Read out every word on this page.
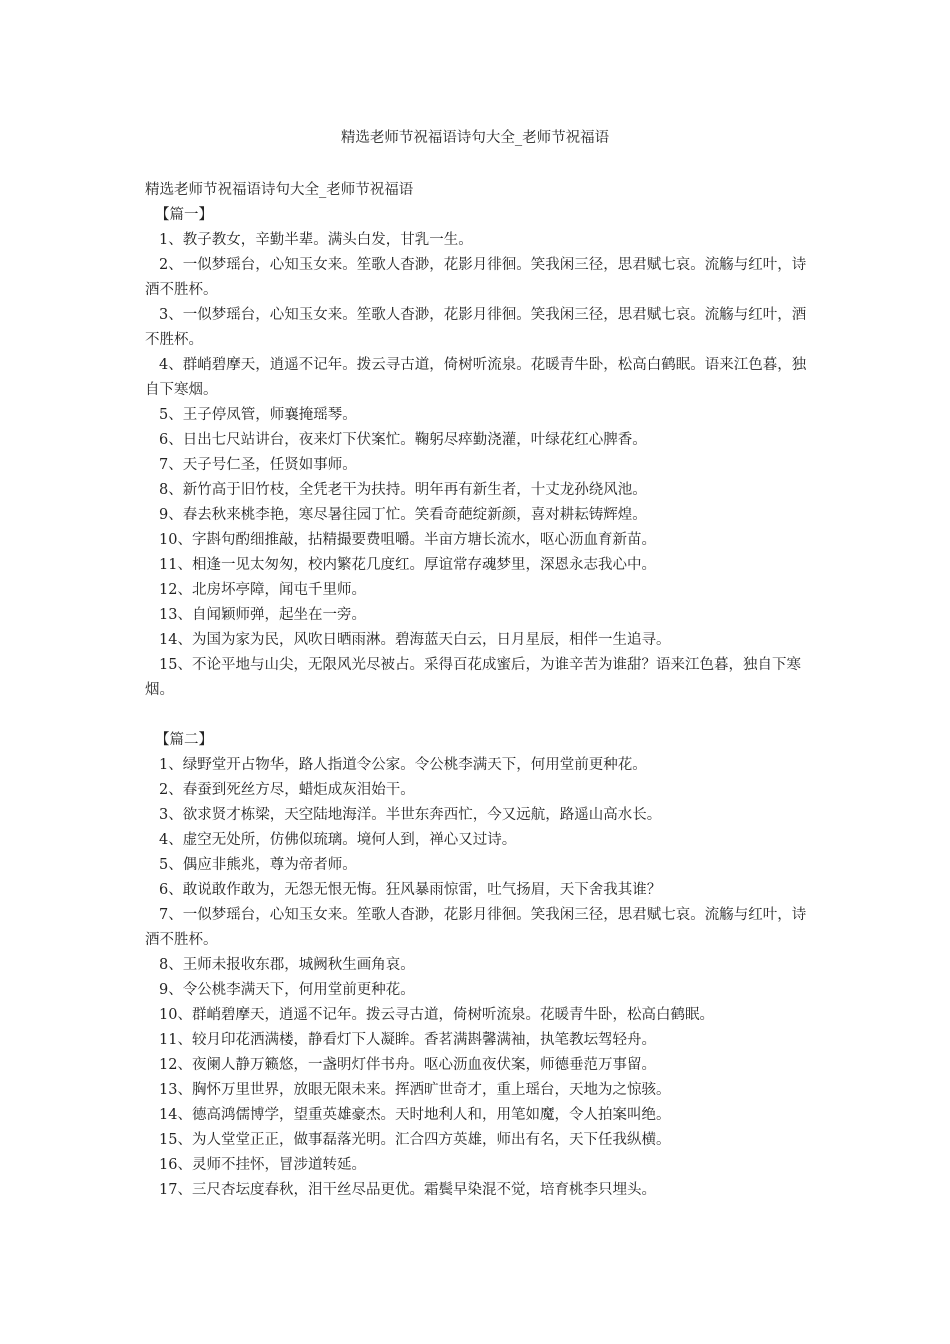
精选老师节祝福语诗句大全_老师节祝福语

精选老师节祝福语诗句大全_老师节祝福语

【篇一】

1、教子教女，辛勤半辈。满头白发，甘乳一生。

2、一似梦瑶台，心知玉女来。笙歌人杳渺，花影月徘徊。笑我闲三径，思君赋七哀。流觞与红叶，诗酒不胜杯。

3、一似梦瑶台，心知玉女来。笙歌人杳渺，花影月徘徊。笑我闲三径，思君赋七哀。流觞与红叶，酒不胜杯。

4、群峭碧摩天，逍遥不记年。拨云寻古道，倚树听流泉。花暖青牛卧，松高白鹤眠。语来江色暮，独自下寒烟。

5、王子停凤管，师襄掩瑶琴。

6、日出七尺站讲台，夜来灯下伏案忙。鞠躬尽瘁勤浇灌，叶绿花红心脾香。

7、天子号仁圣，任贤如事师。

8、新竹高于旧竹枝，全凭老干为扶持。明年再有新生者，十丈龙孙绕风池。

9、春去秋来桃李艳，寒尽暑往园丁忙。笑看奇葩绽新颜，喜对耕耘铸辉煌。

10、字斟句酌细推敲，拈精撮要费咀嚼。半亩方塘长流水，呕心沥血育新苗。

11、相逢一见太匆匆，校内繁花几度红。厚谊常存魂梦里，深恩永志我心中。

12、北房坏亭障，闻屯千里师。

13、自闻颖师弹，起坐在一旁。

14、为国为家为民，风吹日晒雨淋。碧海蓝天白云，日月星辰，相伴一生追寻。

15、不论平地与山尖，无限风光尽被占。采得百花成蜜后，为谁辛苦为谁甜？语来江色暮，独自下寒烟。

【篇二】

1、绿野堂开占物华，路人指道令公家。令公桃李满天下，何用堂前更种花。

2、春蚕到死丝方尽，蜡炬成灰泪始干。

3、欲求贤才栋梁，天空陆地海洋。半世东奔西忙，今又远航，路遥山高水长。

4、虚空无处所，仿佛似琉璃。境何人到，禅心又过诗。

5、偶应非熊兆，尊为帝者师。

6、敢说敢作敢为，无怨无恨无悔。狂风暴雨惊雷，吐气扬眉，天下舍我其谁？

7、一似梦瑶台，心知玉女来。笙歌人杳渺，花影月徘徊。笑我闲三径，思君赋七哀。流觞与红叶，诗酒不胜杯。

8、王师未报收东郡，城阙秋生画角哀。

9、令公桃李满天下，何用堂前更种花。

10、群峭碧摩天，逍遥不记年。拨云寻古道，倚树听流泉。花暖青牛卧，松高白鹤眠。

11、较月印花洒满楼，静看灯下人凝眸。香茗满斟馨满袖，执笔教坛驾轻舟。

12、夜阑人静万籁悠，一盏明灯伴书舟。呕心沥血夜伏案，师德垂范万事留。

13、胸怀万里世界，放眼无限未来。挥洒旷世奇才，重上瑶台，天地为之惊骇。

14、德高鸿儒博学，望重英雄豪杰。天时地利人和，用笔如魔，令人拍案叫绝。

15、为人堂堂正正，做事磊落光明。汇合四方英雄，师出有名，天下任我纵横。

16、灵师不挂怀，冒涉道转延。

17、三尺杏坛度春秋，泪干丝尽品更优。霜鬓早染混不觉，培育桃李只埋头。
